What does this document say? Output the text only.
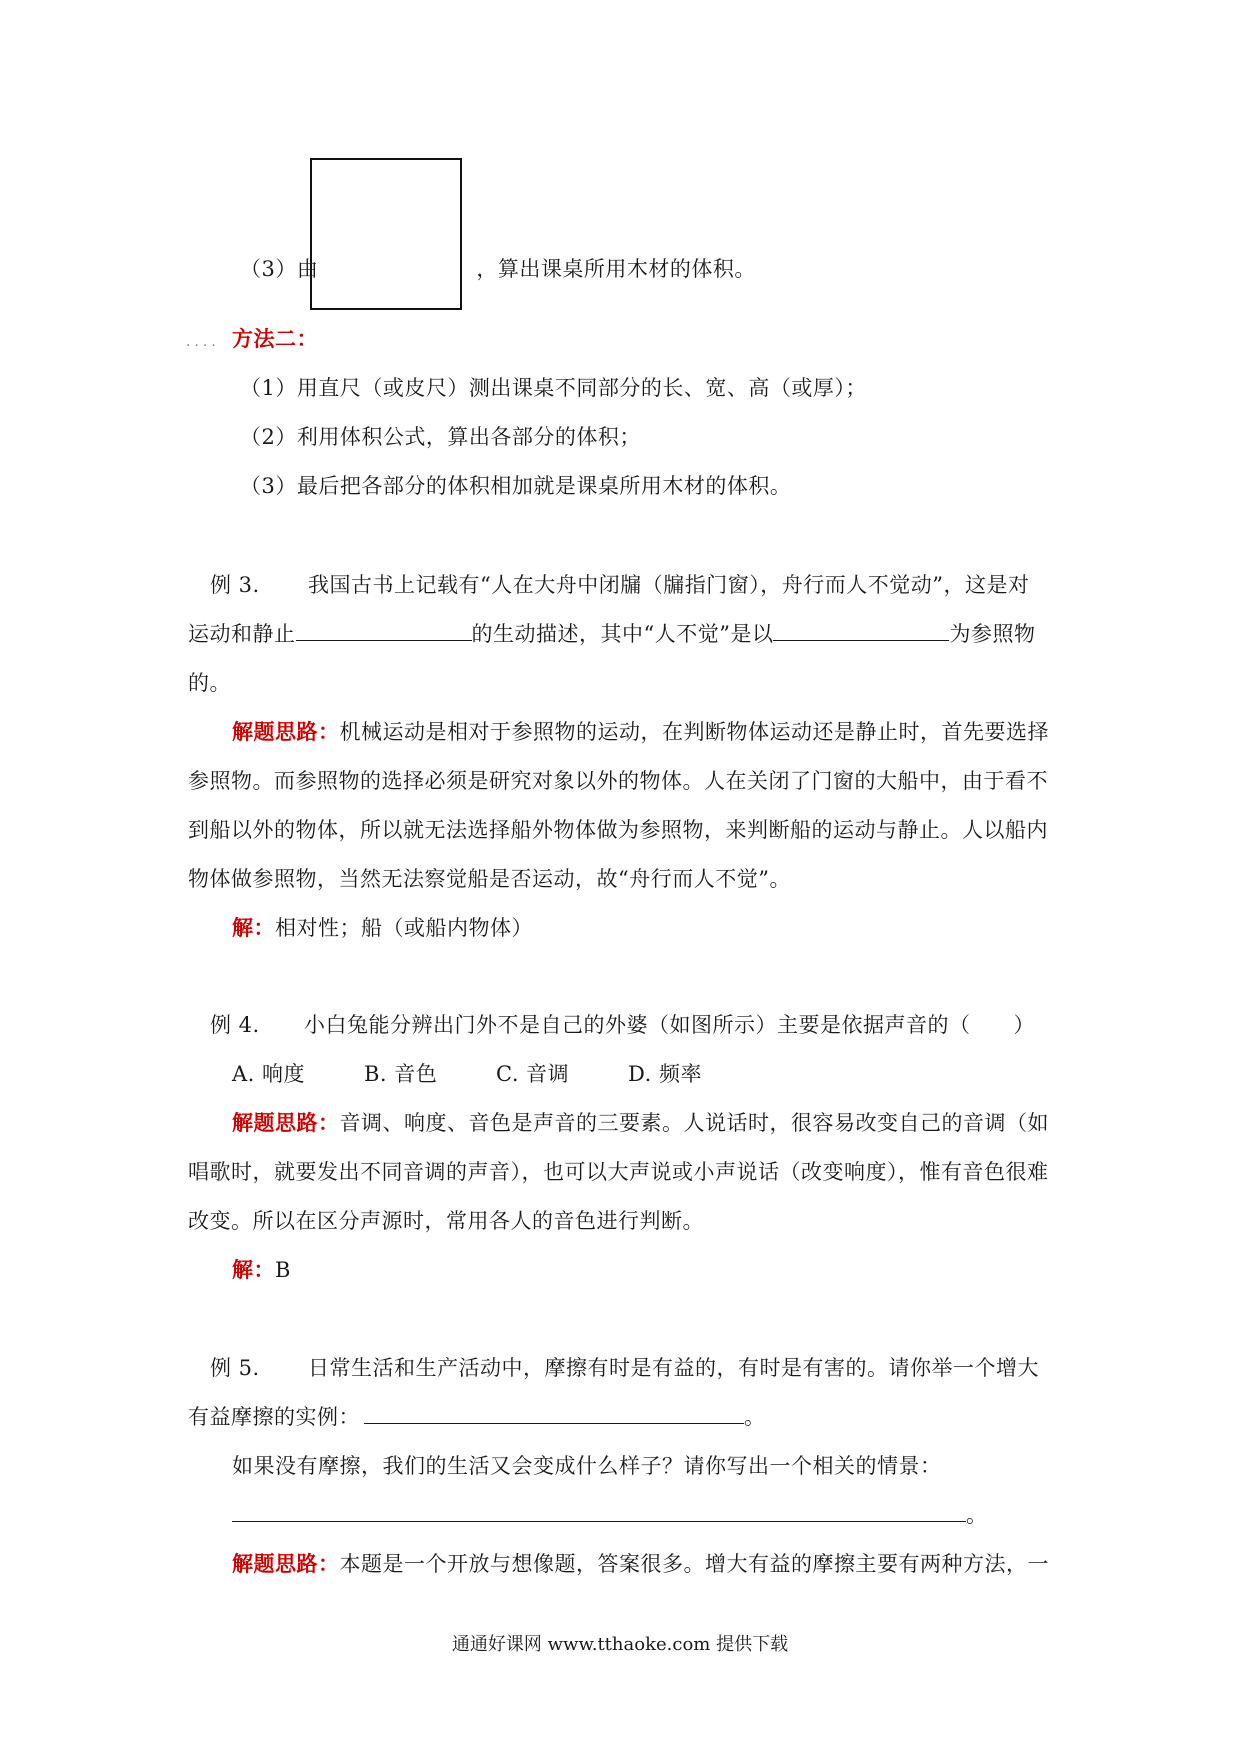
（3）由	，算出课桌所用木材的体积。
.... 方法二：
（1）用直尺（或皮尺）测出课桌不同部分的长、宽、高（或厚）；
（2）利用体积公式，算出各部分的体积；
（3）最后把各部分的体积相加就是课桌所用木材的体积。
例 3. 我国古书上记载有“人在大舟中闭牖（牖指门窗），舟行而人不觉动”，这是对
运动和静止	的生动描述，其中“人不觉”是以	为参照物
的。
解题思路：机械运动是相对于参照物的运动，在判断物体运动还是静止时，首先要选择
参照物。而参照物的选择必须是研究对象以外的物体。人在关闭了门窗的大船中，由于看不
到船以外的物体，所以就无法选择船外物体做为参照物，来判断船的运动与静止。人以船内
物体做参照物，当然无法察觉船是否运动，故“舟行而人不觉”。
解：相对性；船（或船内物体）
例 4. 小白兔能分辨出门外不是自己的外婆（如图所示）主要是依据声音的（　　）
A. 响度	B. 音色	C. 音调	D. 频率
解题思路：音调、响度、音色是声音的三要素。人说话时，很容易改变自己的音调（如
唱歌时，就要发出不同音调的声音），也可以大声说或小声说话（改变响度），惟有音色很难
改变。所以在区分声源时，常用各人的音色进行判断。
解：B
例 5. 日常生活和生产活动中，摩擦有时是有益的，有时是有害的。请你举一个增大
有益摩擦的实例：	。
如果没有摩擦，我们的生活又会变成什么样子？请你写出一个相关的情景：
。
解题思路：本题是一个开放与想像题，答案很多。增大有益的摩擦主要有两种方法，一
通通好课网 www.tthaoke.com 提供下载
